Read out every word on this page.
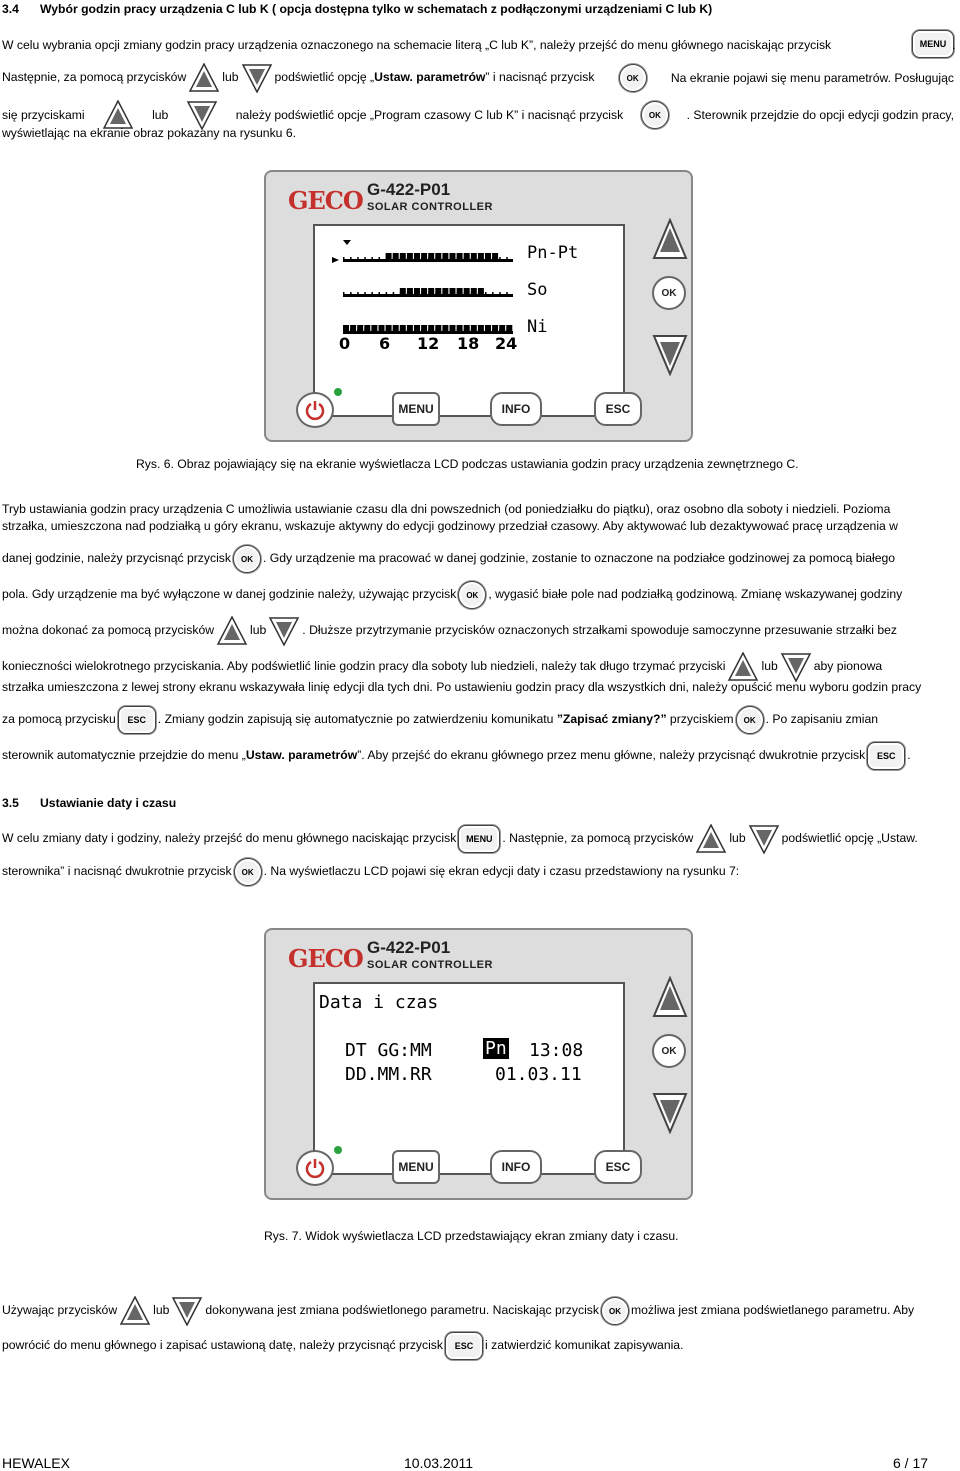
3.4 Wybór godzin pracy urządzenia C lub K ( opcja dostępna tylko w schematach z podłączonymi urządzeniami C lub K)
W celu wybrania opcji zmiany godzin pracy urządzenia oznaczonego na schemacie literą „C lub K”, należy przejść do menu głównego naciskając przycisk	MENU .
Następnie, za pomocą przycisków	lub	podświetlić opcję „Ustaw. parametrów” i nacisnąć przycisk	OK	Na ekranie pojawi się menu parametrów. Posługując
się przyciskami	lub	należy podświetlić opcje „Program czasowy C lub K” i nacisnąć przycisk	OK	. Sterownik przejdzie do opcji edycji godzin pracy,
wyświetlając na ekranie obraz pokazany na rysunku 6.
GECO G-422-P01
SOLAR CONTROLLER
0 6 12 18 24
Pn-Pt
So
Ni
OK
MENU	INFO	ESC
Rys. 6. Obraz pojawiający się na ekranie wyświetlacza LCD podczas ustawiania godzin pracy urządzenia zewnętrznego C.
Tryb ustawiania godzin pracy urządzenia C umożliwia ustawianie czasu dla dni powszednich (od poniedziałku do piątku), oraz osobno dla soboty i niedzieli. Pozioma
strzałka, umieszczona nad podziałką u góry ekranu, wskazuje aktywny do edycji godzinowy przedział czasowy. Aby aktywować lub dezaktywować pracę urządzenia w
danej godzinie, należy przycisnąć przycisk OK . Gdy urządzenie ma pracować w danej godzinie, zostanie to oznaczone na podziałce godzinowej za pomocą białego
pola. Gdy urządzenie ma być wyłączone w danej godzinie należy, używając przycisk OK , wygasić białe pole nad podziałką godzinową. Zmianę wskazywanej godziny
można dokonać za pomocą przycisków	lub	. Dłuższe przytrzymanie przycisków oznaczonych strzałkami spowoduje samoczynne przesuwanie strzałki bez
konieczności wielokrotnego przyciskania. Aby podświetlić linie godzin pracy dla soboty lub niedzieli, należy tak długo trzymać przyciski	lub	aby pionowa
strzałka umieszczona z lewej strony ekranu wskazywała linię edycji dla tych dni. Po ustawieniu godzin pracy dla wszystkich dni, należy opuścić menu wyboru godzin pracy
za pomocą przycisku ESC . Zmiany godzin zapisują się automatycznie po zatwierdzeniu komunikatu ”Zapisać zmiany?” przyciskiem OK . Po zapisaniu zmian
sterownik automatycznie przejdzie do menu „Ustaw. parametrów”. Aby przejść do ekranu głównego przez menu główne, należy przycisnąć dwukrotnie przycisk ESC .
3.5 Ustawianie daty i czasu
W celu zmiany daty i godziny, należy przejść do menu głównego naciskając przycisk MENU . Następnie, za pomocą przycisków	lub	podświetlić opcję „Ustaw.
sterownika” i nacisnąć dwukrotnie przycisk OK . Na wyświetlaczu LCD pojawi się ekran edycji daty i czasu przedstawiony na rysunku 7:
GECO G-422-P01
SOLAR CONTROLLER
Data i czas
DT GG:MM	Pn 13:08
DD.MM.RR	01.03.11
OK
MENU	INFO	ESC
Rys. 7. Widok wyświetlacza LCD przedstawiający ekran zmiany daty i czasu.
Używając przycisków	lub	dokonywana jest zmiana podświetlonego parametru. Naciskając przycisk OK możliwa jest zmiana podświetlanego parametru. Aby
powrócić do menu głównego i zapisać ustawioną datę, należy przycisnąć przycisk ESC i zatwierdzić komunikat zapisywania.
HEWALEX	10.03.2011	6 / 17
